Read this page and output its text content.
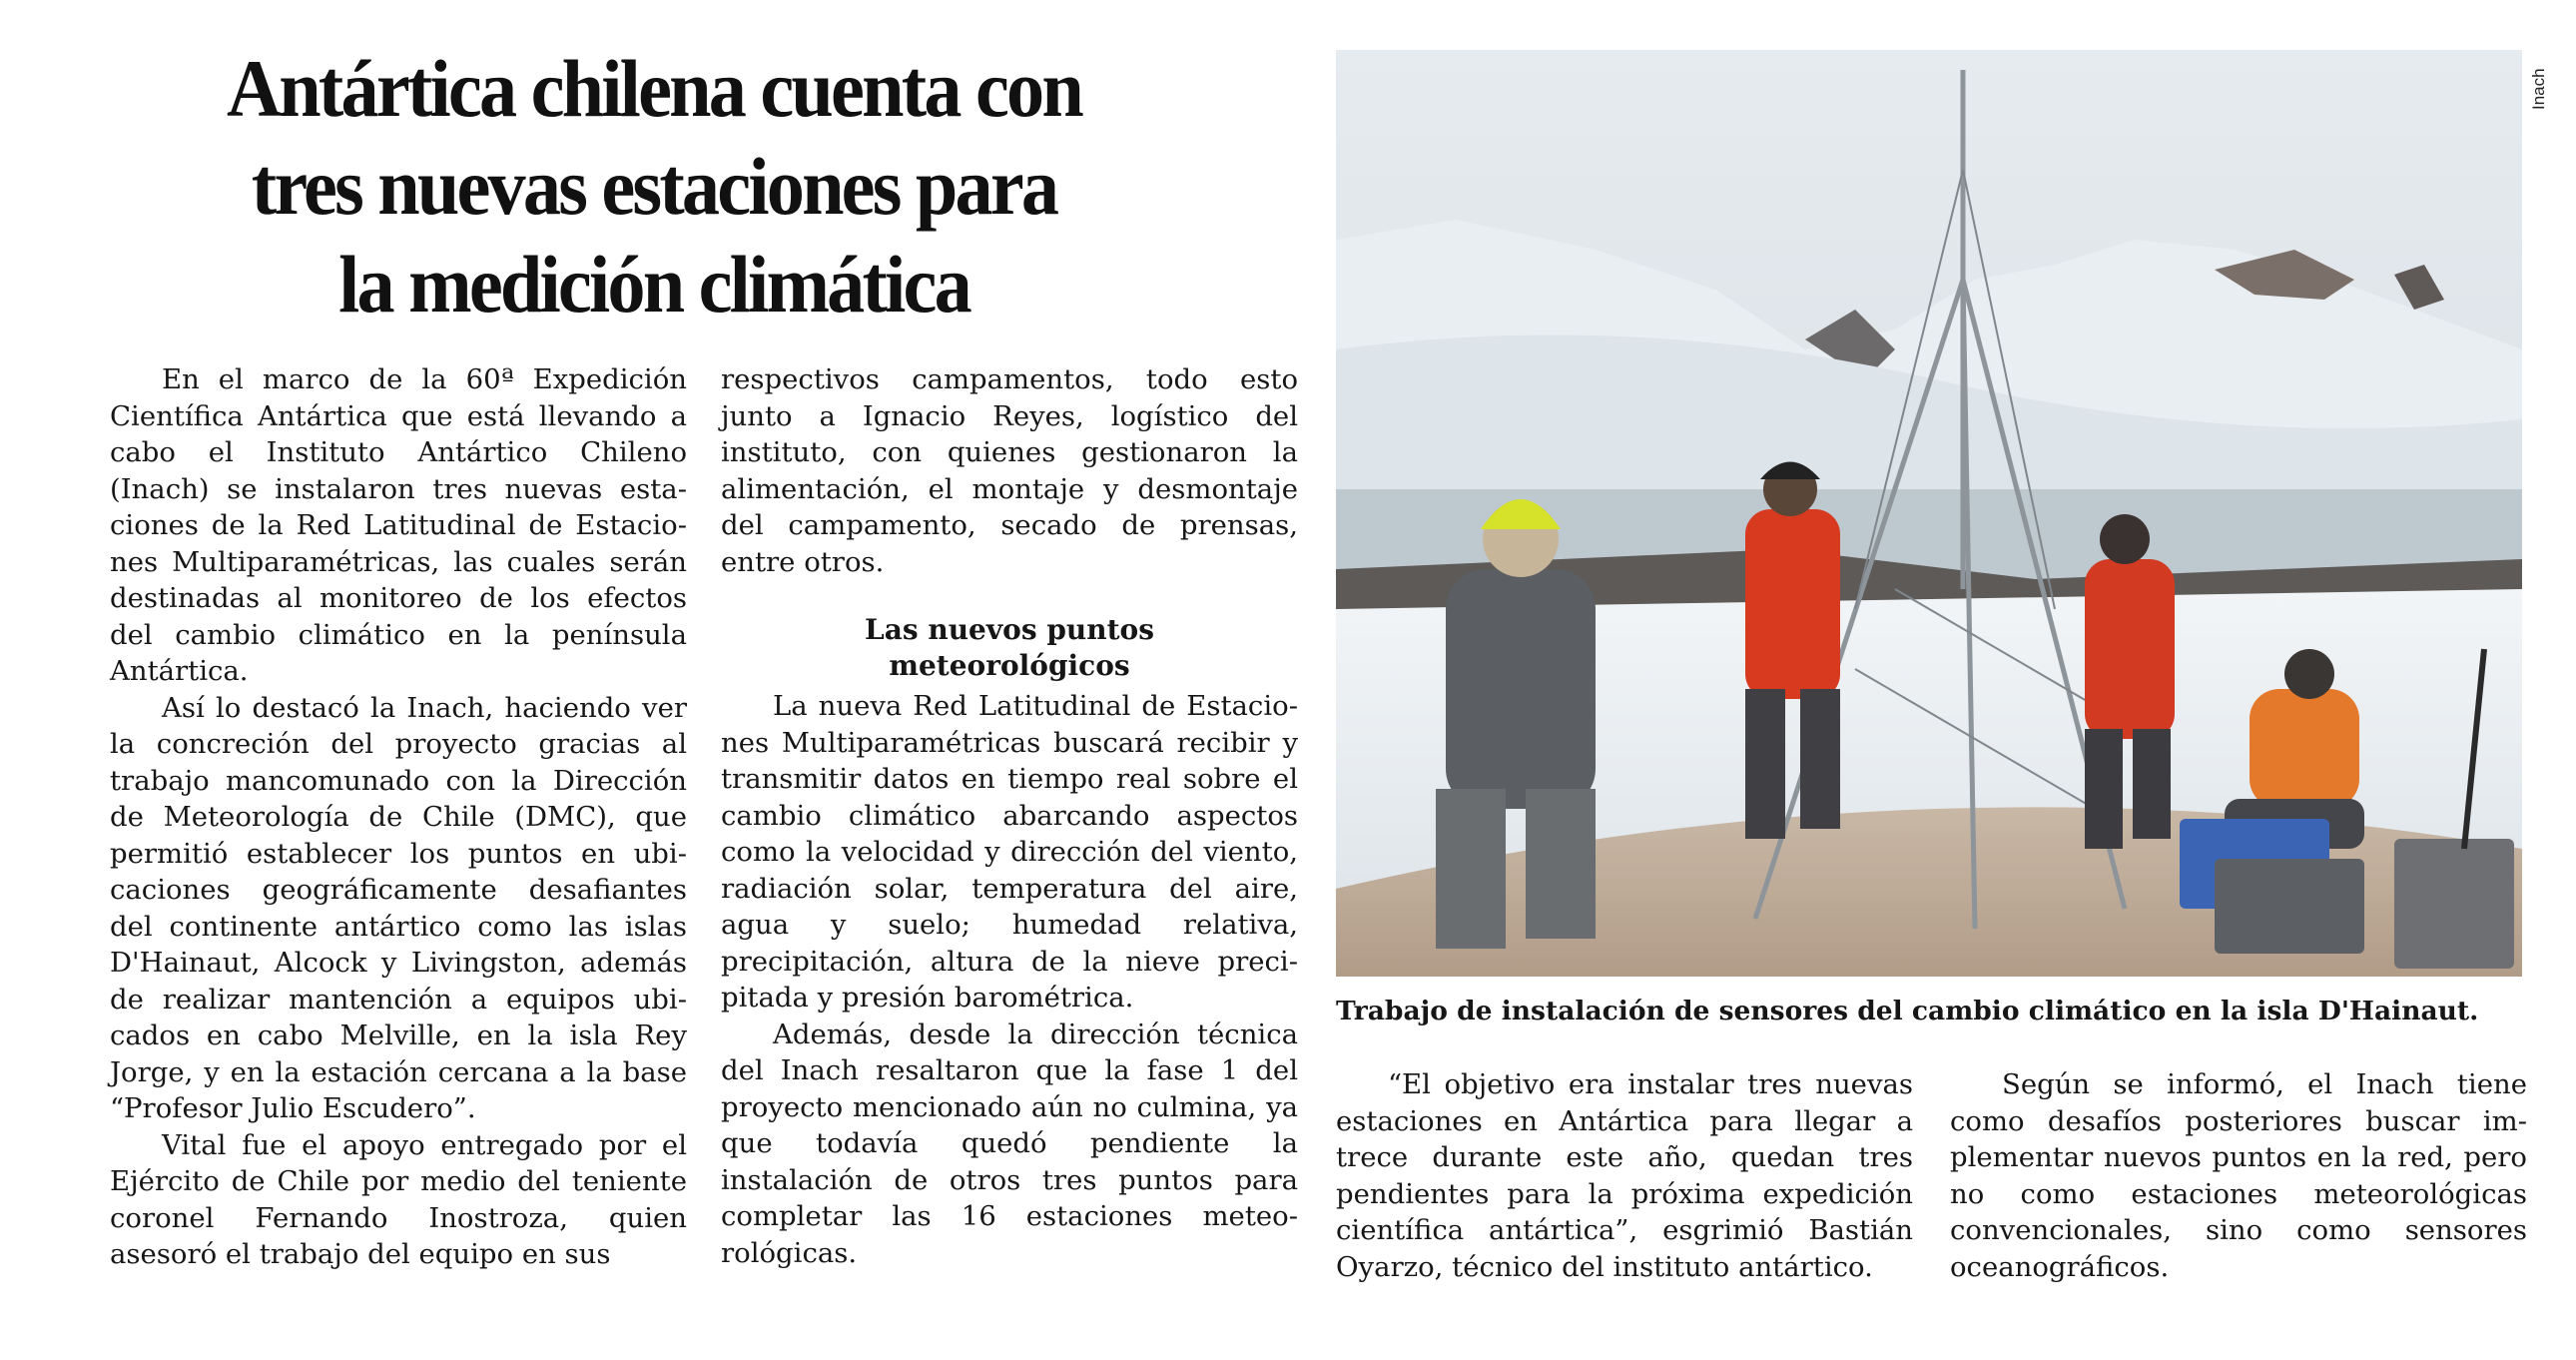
Antártica chilena cuenta con
tres nuevas estaciones para
la medición climática

En el marco de la 60ª Expedición Científica Antártica que está llevando a cabo el Instituto Antártico Chileno (Inach) se instalaron tres nuevas estaciones de la Red Latitudinal de Estaciones Multiparamétricas, las cuales serán destinadas al monitoreo de los efectos del cambio climático en la península Antártica.

Así lo destacó la Inach, haciendo ver la concreción del proyecto gracias al trabajo mancomunado con la Dirección de Meteorología de Chile (DMC), que permitió establecer los puntos en ubicaciones geográficamente desafiantes del continente antártico como las islas D'Hainaut, Alcock y Livingston, además de realizar mantención a equipos ubicados en cabo Melville, en la isla Rey Jorge, y en la estación cercana a la base “Profesor Julio Escudero”.

Vital fue el apoyo entregado por el Ejército de Chile por medio del teniente coronel Fernando Inostroza, quien asesoró el trabajo del equipo en sus

respectivos campamentos, todo esto junto a Ignacio Reyes, logístico del instituto, con quienes gestionaron la alimentación, el montaje y desmontaje del campamento, secado de prensas, entre otros.

Las nuevos puntos
meteorológicos

La nueva Red Latitudinal de Estaciones Multiparamétricas buscará recibir y transmitir datos en tiempo real sobre el cambio climático abarcando aspectos como la velocidad y dirección del viento, radiación solar, temperatura del aire, agua y suelo; humedad relativa, precipitación, altura de la nieve precipitada y presión barométrica.

Además, desde la dirección técnica del Inach resaltaron que la fase 1 del proyecto mencionado aún no culmina, ya que todavía quedó pendiente la instalación de otros tres puntos para completar las 16 estaciones meteorológicas.

Inach
Trabajo de instalación de sensores del cambio climático en la isla D'Hainaut.

“El objetivo era instalar tres nuevas estaciones en Antártica para llegar a trece durante este año, quedan tres pendientes para la próxima expedición científica antártica”, esgrimió Bastián Oyarzo, técnico del instituto antártico.

Según se informó, el Inach tiene como desafíos posteriores buscar implementar nuevos puntos en la red, pero no como estaciones meteorológicas convencionales, sino como sensores oceanográficos.
